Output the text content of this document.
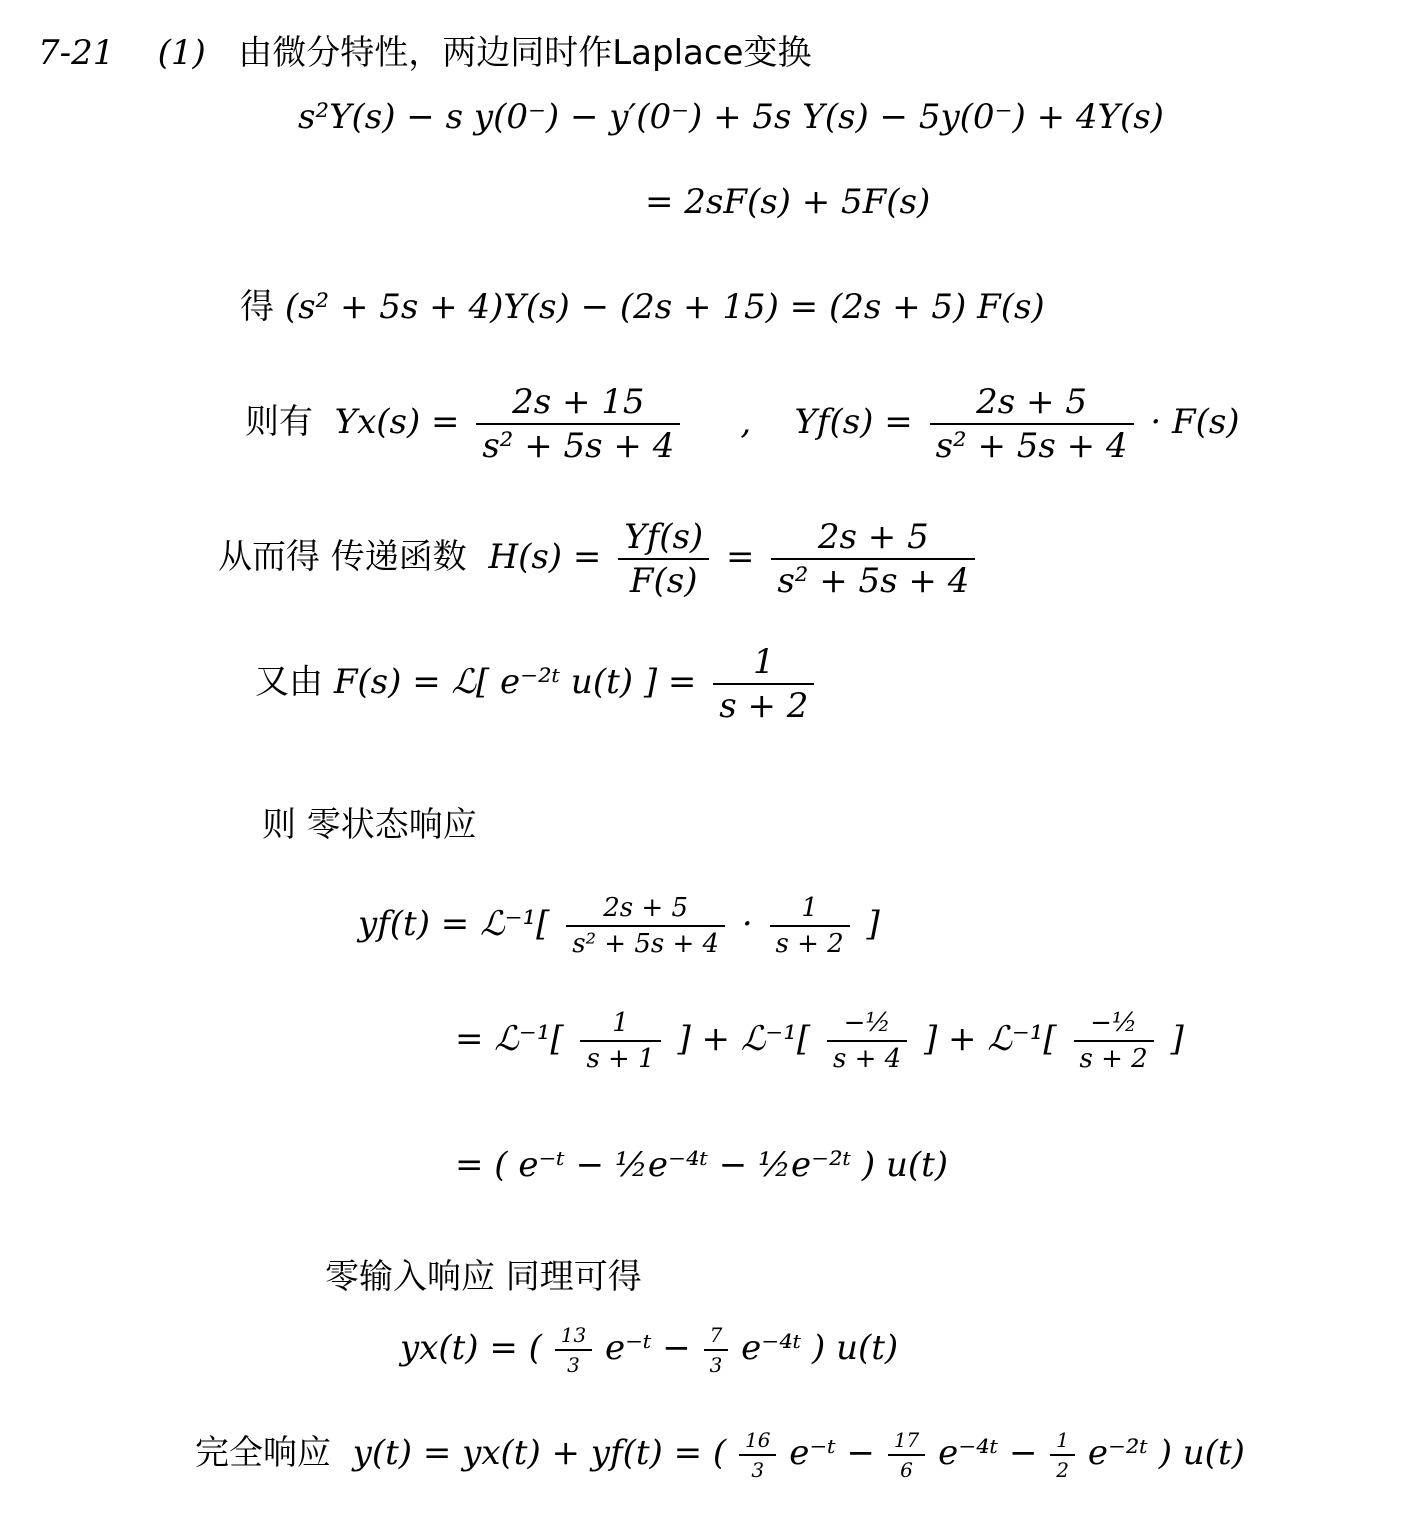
7-21 (1) 由微分特性，两边同时作Laplace变换
s²Y(s) − s y(0⁻) − y′(0⁻) + 5s Y(s) − 5y(0⁻) + 4Y(s)
= 2sF(s) + 5F(s)
得 (s² + 5s + 4)Y(s) − (2s + 15) = (2s + 5) F(s)
则有 $Yx(s) = \frac{2s + 15}{\text{s² + 5s + 4}}$ , $Yf(s) = \frac{2s + 5}{\text{s² + 5s + 4}} \cdot F(s)$
从而得 传递函数 $H(s) = \frac{Yf(s)}{F(s)} = \frac{2s + 5}{\text{s² + 5s + 4}}$
又由 F(s) = ℒ[ e⁻²ᵗ u(t) ] = $\frac{1}{s + 2}$
则 零状态响应
yf(t) = ℒ⁻¹[ $\frac{2s + 5}{\text{s² + 5s + 4}} \cdot \frac{1}{s + 2}$ ]
= ℒ⁻¹[ $\frac{1}{s + 1}$ ] + ℒ⁻¹[ $\frac{\text{−½}}{s + 4}$ ] + ℒ⁻¹[ $\frac{\text{−½}}{s + 2}$ ]
= ( e⁻ᵗ − ½e⁻⁴ᵗ − ½e⁻²ᵗ ) u(t)
零输入响应 同理可得
yx(t) = ( $\frac{13}{3}$ e⁻ᵗ − $\frac{7}{3}$ e⁻⁴ᵗ ) u(t)
完全响应 y(t) = yx(t) + yf(t) = ( $\frac{16}{3}$ e⁻ᵗ − $\frac{17}{6}$ e⁻⁴ᵗ − $\frac{1}{2}$ e⁻²ᵗ ) u(t)
